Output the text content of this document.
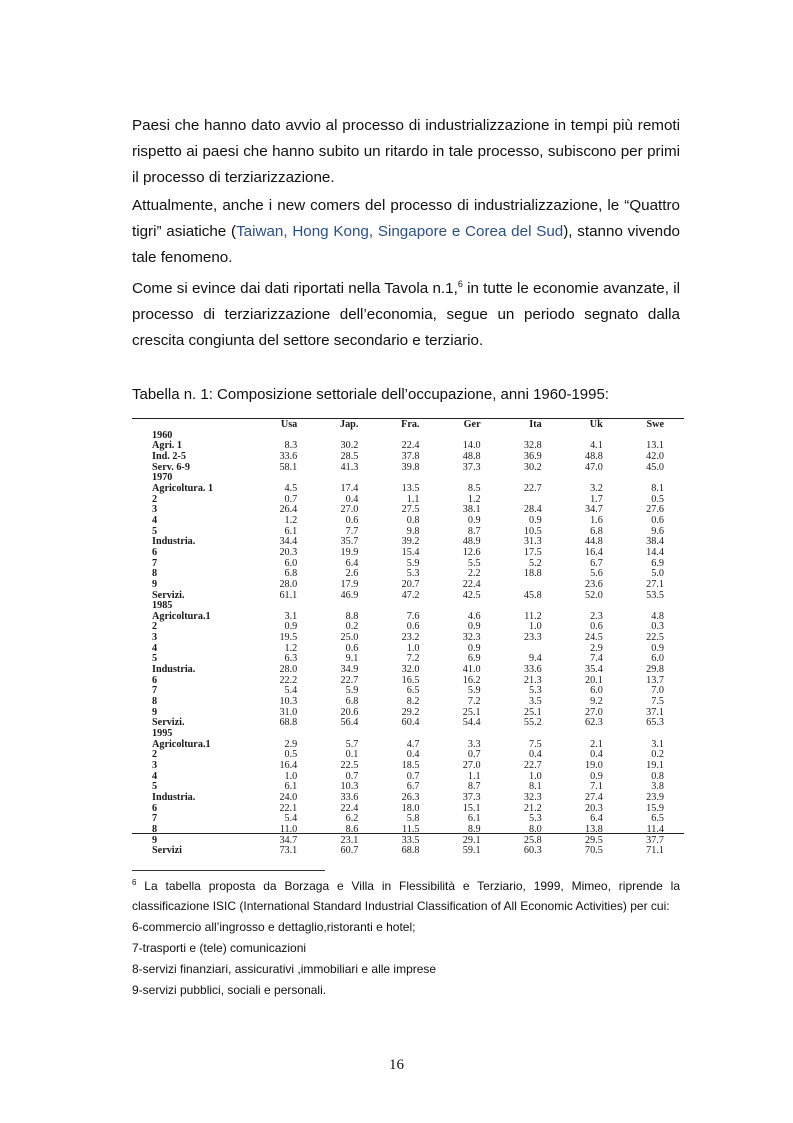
Paesi che hanno dato avvio al processo di industrializzazione in tempi più remoti rispetto ai paesi che hanno subito un ritardo in tale processo, subiscono per primi il processo di terziarizzazione.

Attualmente, anche i new comers del processo di industrializzazione, le “Quattro tigri” asiatiche (Taiwan, Hong Kong, Singapore e Corea del Sud), stanno vivendo tale fenomeno.

Come si evince dai dati riportati nella Tavola n.1,$^6$ in tutte le economie avanzate, il processo di terziarizzazione dell’economia, segue un periodo segnato dalla crescita congiunta del settore secondario e terziario.

Tabella n. 1: Composizione settoriale dell’occupazione, anni 1960-1995:

	Usa	Jap.	Fra.	Ger	Ita	Uk	Swe
1960							
Agri. 1	8.3	30.2	22.4	14.0	32.8	4.1	13.1
Ind. 2-5	33.6	28.5	37.8	48.8	36.9	48.8	42.0
Serv. 6-9	58.1	41.3	39.8	37.3	30.2	47.0	45.0
1970							
Agricoltura. 1	4.5	17.4	13.5	8.5	22.7	3.2	8.1
2	0.7	0.4	1.1	1.2		1.7	0.5
3	26.4	27.0	27.5	38.1	28.4	34.7	27.6
4	1.2	0.6	0.8	0.9	0.9	1.6	0.6
5	6.1	7.7	9.8	8.7	10.5	6.8	9.6
Industria.	34.4	35.7	39.2	48.9	31.3	44.8	38.4
6	20.3	19.9	15.4	12.6	17.5	16.4	14.4
7	6.0	6.4	5.9	5.5	5.2	6.7	6.9
8	6.8	2.6	5.3	2.2	18.8	5.6	5.0
9	28.0	17.9	20.7	22.4		23.6	27.1
Servizi.	61.1	46.9	47.2	42.5	45.8	52.0	53.5
1985							
Agricoltura.1	3.1	8.8	7.6	4.6	11.2	2.3	4.8
2	0.9	0.2	0.6	0.9	1.0	0.6	0.3
3	19.5	25.0	23.2	32.3	23.3	24.5	22.5
4	1.2	0.6	1.0	0.9		2.9	0.9
5	6.3	9.1	7.2	6.9	9.4	7.4	6.0
Industria.	28.0	34.9	32.0	41.0	33.6	35.4	29.8
6	22.2	22.7	16.5	16.2	21.3	20.1	13.7
7	5.4	5.9	6.5	5.9	5.3	6.0	7.0
8	10.3	6.8	8.2	7.2	3.5	9.2	7.5
9	31.0	20.6	29.2	25.1	25.1	27.0	37.1
Servizi.	68.8	56.4	60.4	54.4	55.2	62.3	65.3
1995							
Agricoltura.1	2.9	5.7	4.7	3.3	7.5	2.1	3.1
2	0.5	0.1	0.4	0.7	0.4	0.4	0.2
3	16.4	22.5	18.5	27.0	22.7	19.0	19.1
4	1.0	0.7	0.7	1.1	1.0	0.9	0.8
5	6.1	10.3	6.7	8.7	8.1	7.1	3.8
Industria.	24.0	33.6	26.3	37.3	32.3	27.4	23.9
6	22.1	22.4	18.0	15.1	21.2	20.3	15.9
7	5.4	6.2	5.8	6.1	5.3	6.4	6.5
8	11.0	8.6	11.5	8.9	8.0	13.8	11.4
9	34.7	23.1	33.5	29.1	25.8	29.5	37.7
Servizi	73.1	60.7	68.8	59.1	60.3	70.5	71.1

$^6$ La tabella proposta da Borzaga e Villa in Flessibilità e Terziario, 1999, Mimeo, riprende la classificazione ISIC (International Standard Industrial Classification of All Economic Activities) per cui:

6-commercio all’ingrosso e dettaglio,ristoranti e hotel;

7-trasporti e (tele) comunicazioni

8-servizi finanziari, assicurativi ,immobiliari e alle imprese

9-servizi pubblici, sociali e personali.

16
